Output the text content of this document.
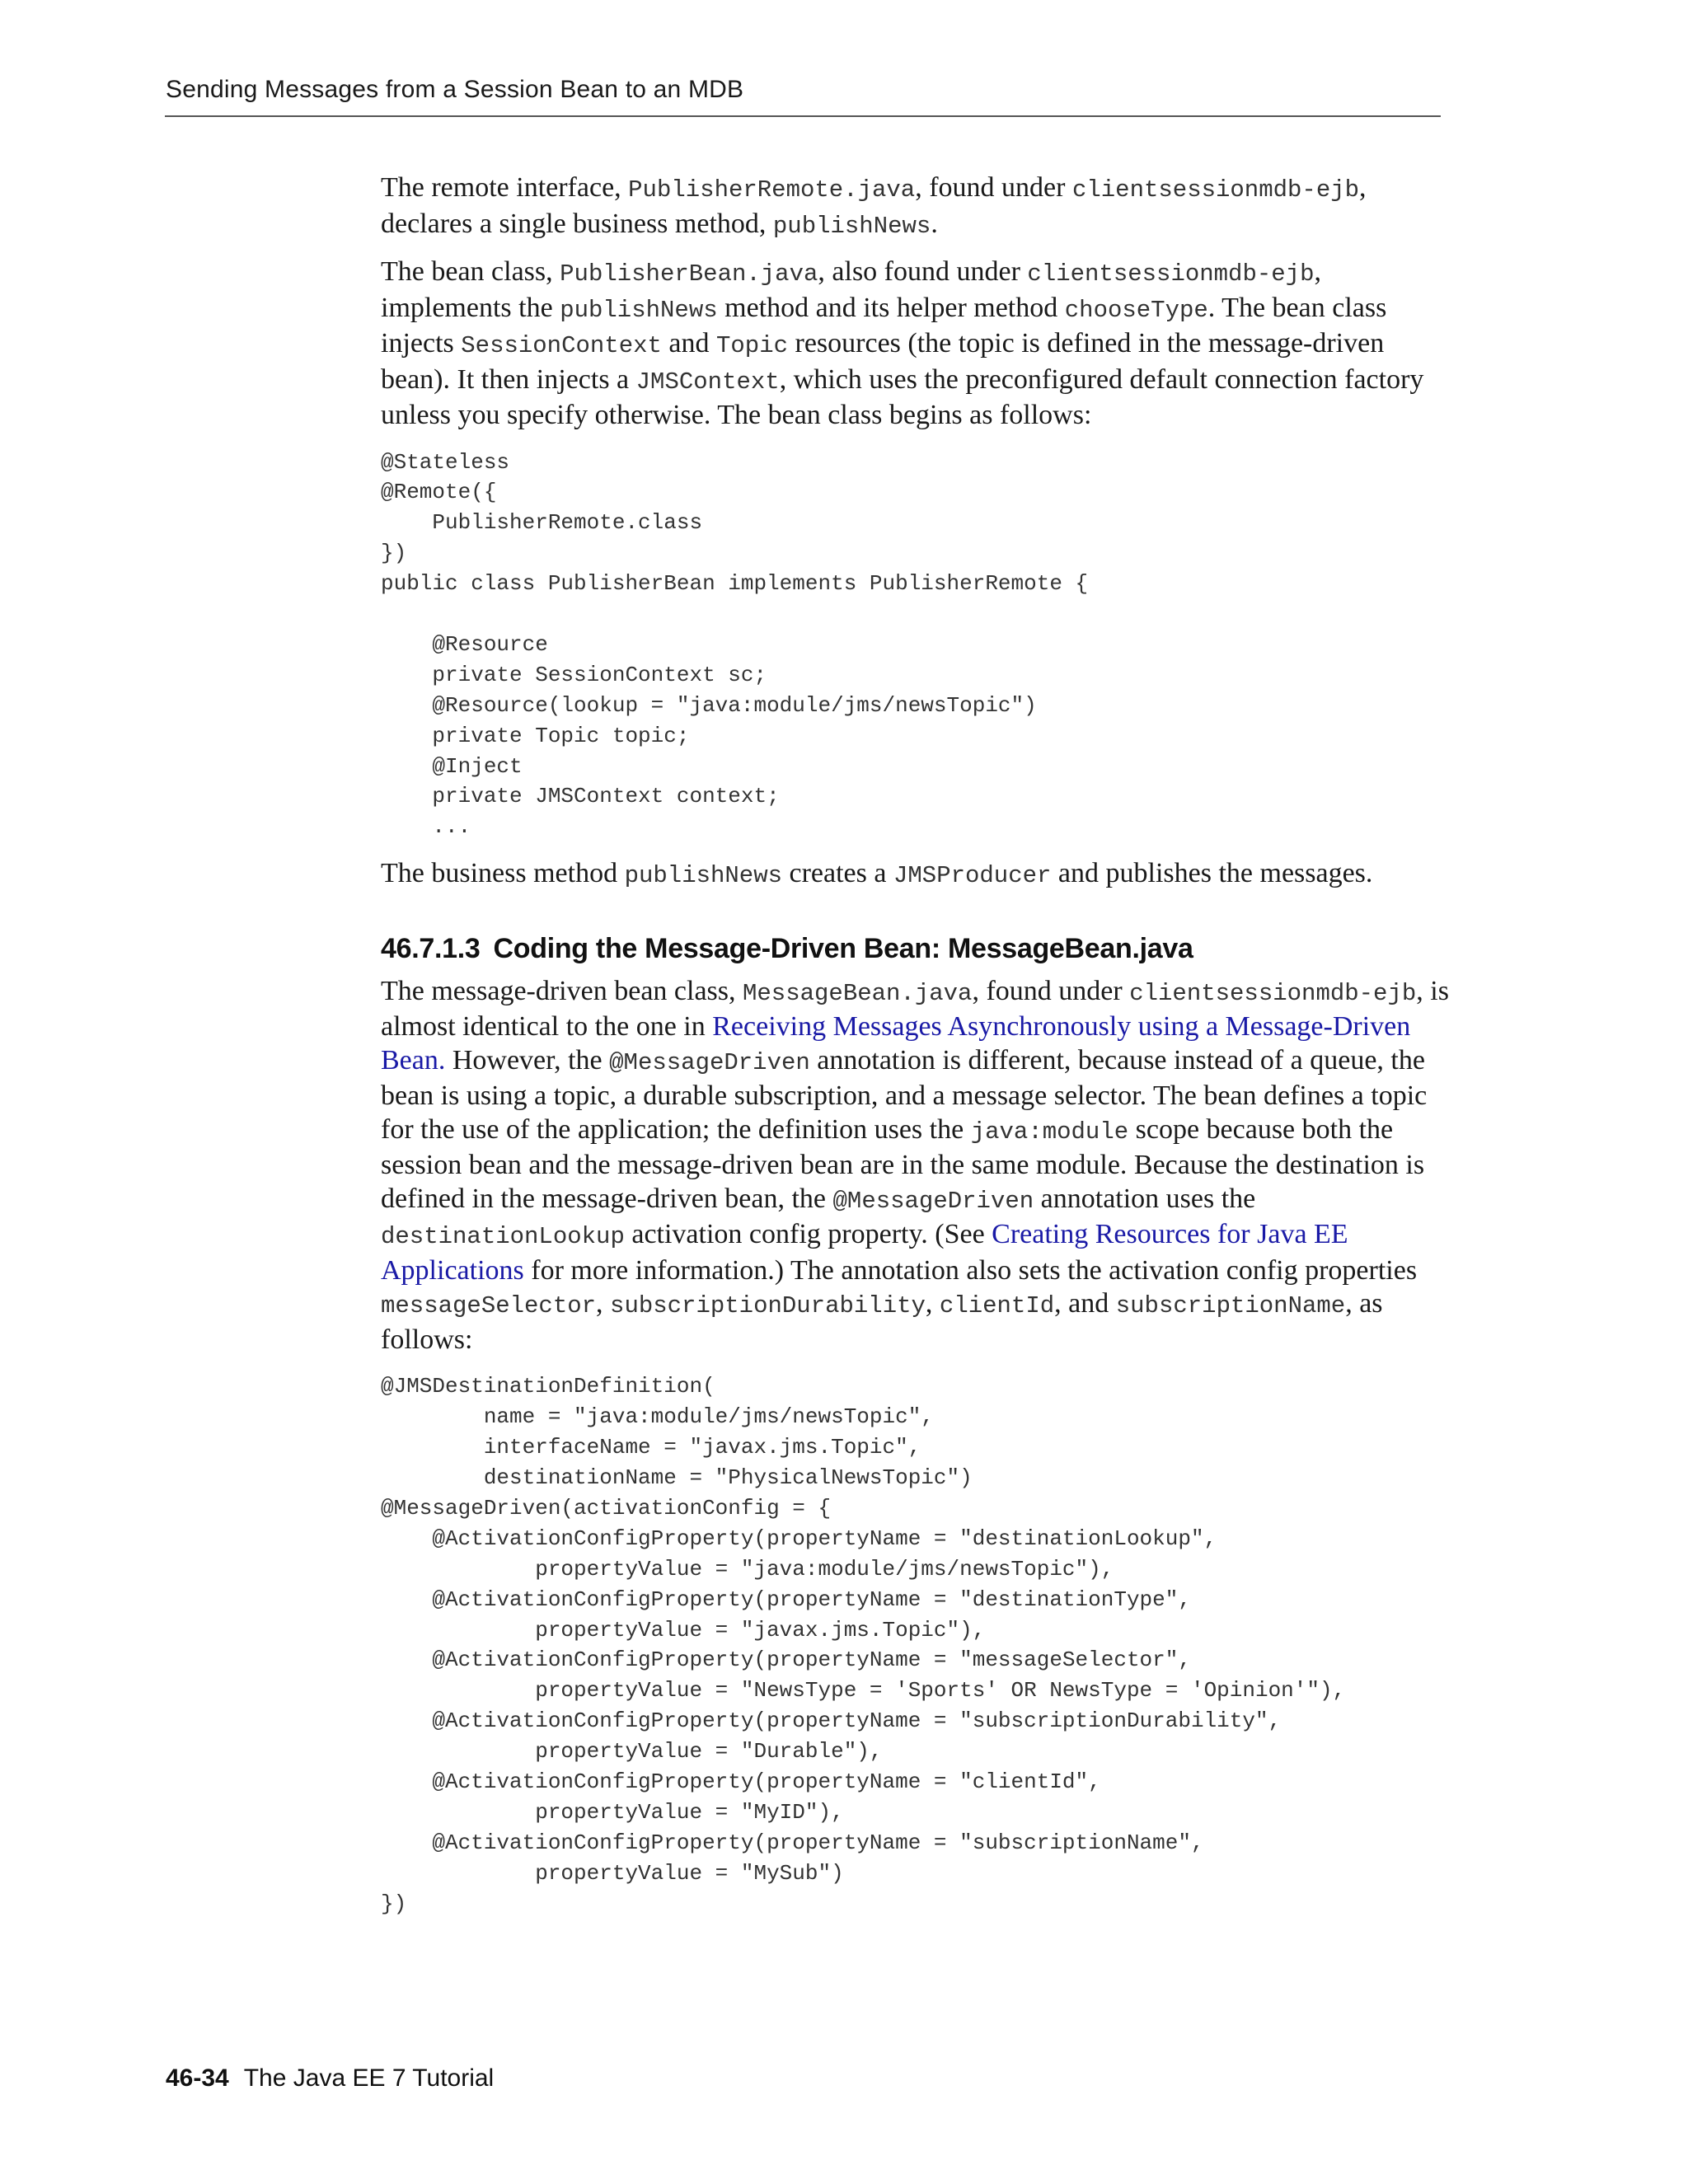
Sending Messages from a Session Bean to an MDB

The remote interface, PublisherRemote.java, found under clientsessionmdb-ejb, declares a single business method, publishNews.

The bean class, PublisherBean.java, also found under clientsessionmdb-ejb, implements the publishNews method and its helper method chooseType. The bean class injects SessionContext and Topic resources (the topic is defined in the message-driven bean). It then injects a JMSContext, which uses the preconfigured default connection factory unless you specify otherwise. The bean class begins as follows:

@Stateless
@Remote({
PublisherRemote.class
})
public class PublisherBean implements PublisherRemote {

@Resource
private SessionContext sc;
@Resource(lookup = "java:module/jms/newsTopic")
private Topic topic;
@Inject
private JMSContext context;
...

The business method publishNews creates a JMSProducer and publishes the messages.

46.7.1.3 Coding the Message-Driven Bean: MessageBean.java

The message-driven bean class, MessageBean.java, found under clientsessionmdb-ejb, is almost identical to the one in Receiving Messages Asynchronously using a Message-Driven Bean. However, the @MessageDriven annotation is different, because instead of a queue, the bean is using a topic, a durable subscription, and a message selector. The bean defines a topic for the use of the application; the definition uses the java:module scope because both the session bean and the message-driven bean are in the same module. Because the destination is defined in the message-driven bean, the @MessageDriven annotation uses the destinationLookup activation config property. (See Creating Resources for Java EE Applications for more information.) The annotation also sets the activation config properties messageSelector, subscriptionDurability, clientId, and subscriptionName, as follows:

@JMSDestinationDefinition(
name = "java:module/jms/newsTopic",
interfaceName = "javax.jms.Topic",
destinationName = "PhysicalNewsTopic")
@MessageDriven(activationConfig = {
@ActivationConfigProperty(propertyName = "destinationLookup",
propertyValue = "java:module/jms/newsTopic"),
@ActivationConfigProperty(propertyName = "destinationType",
propertyValue = "javax.jms.Topic"),
@ActivationConfigProperty(propertyName = "messageSelector",
propertyValue = "NewsType = 'Sports' OR NewsType = 'Opinion'"),
@ActivationConfigProperty(propertyName = "subscriptionDurability",
propertyValue = "Durable"),
@ActivationConfigProperty(propertyName = "clientId",
propertyValue = "MyID"),
@ActivationConfigProperty(propertyName = "subscriptionName",
propertyValue = "MySub")
})
46-34 The Java EE 7 Tutorial
